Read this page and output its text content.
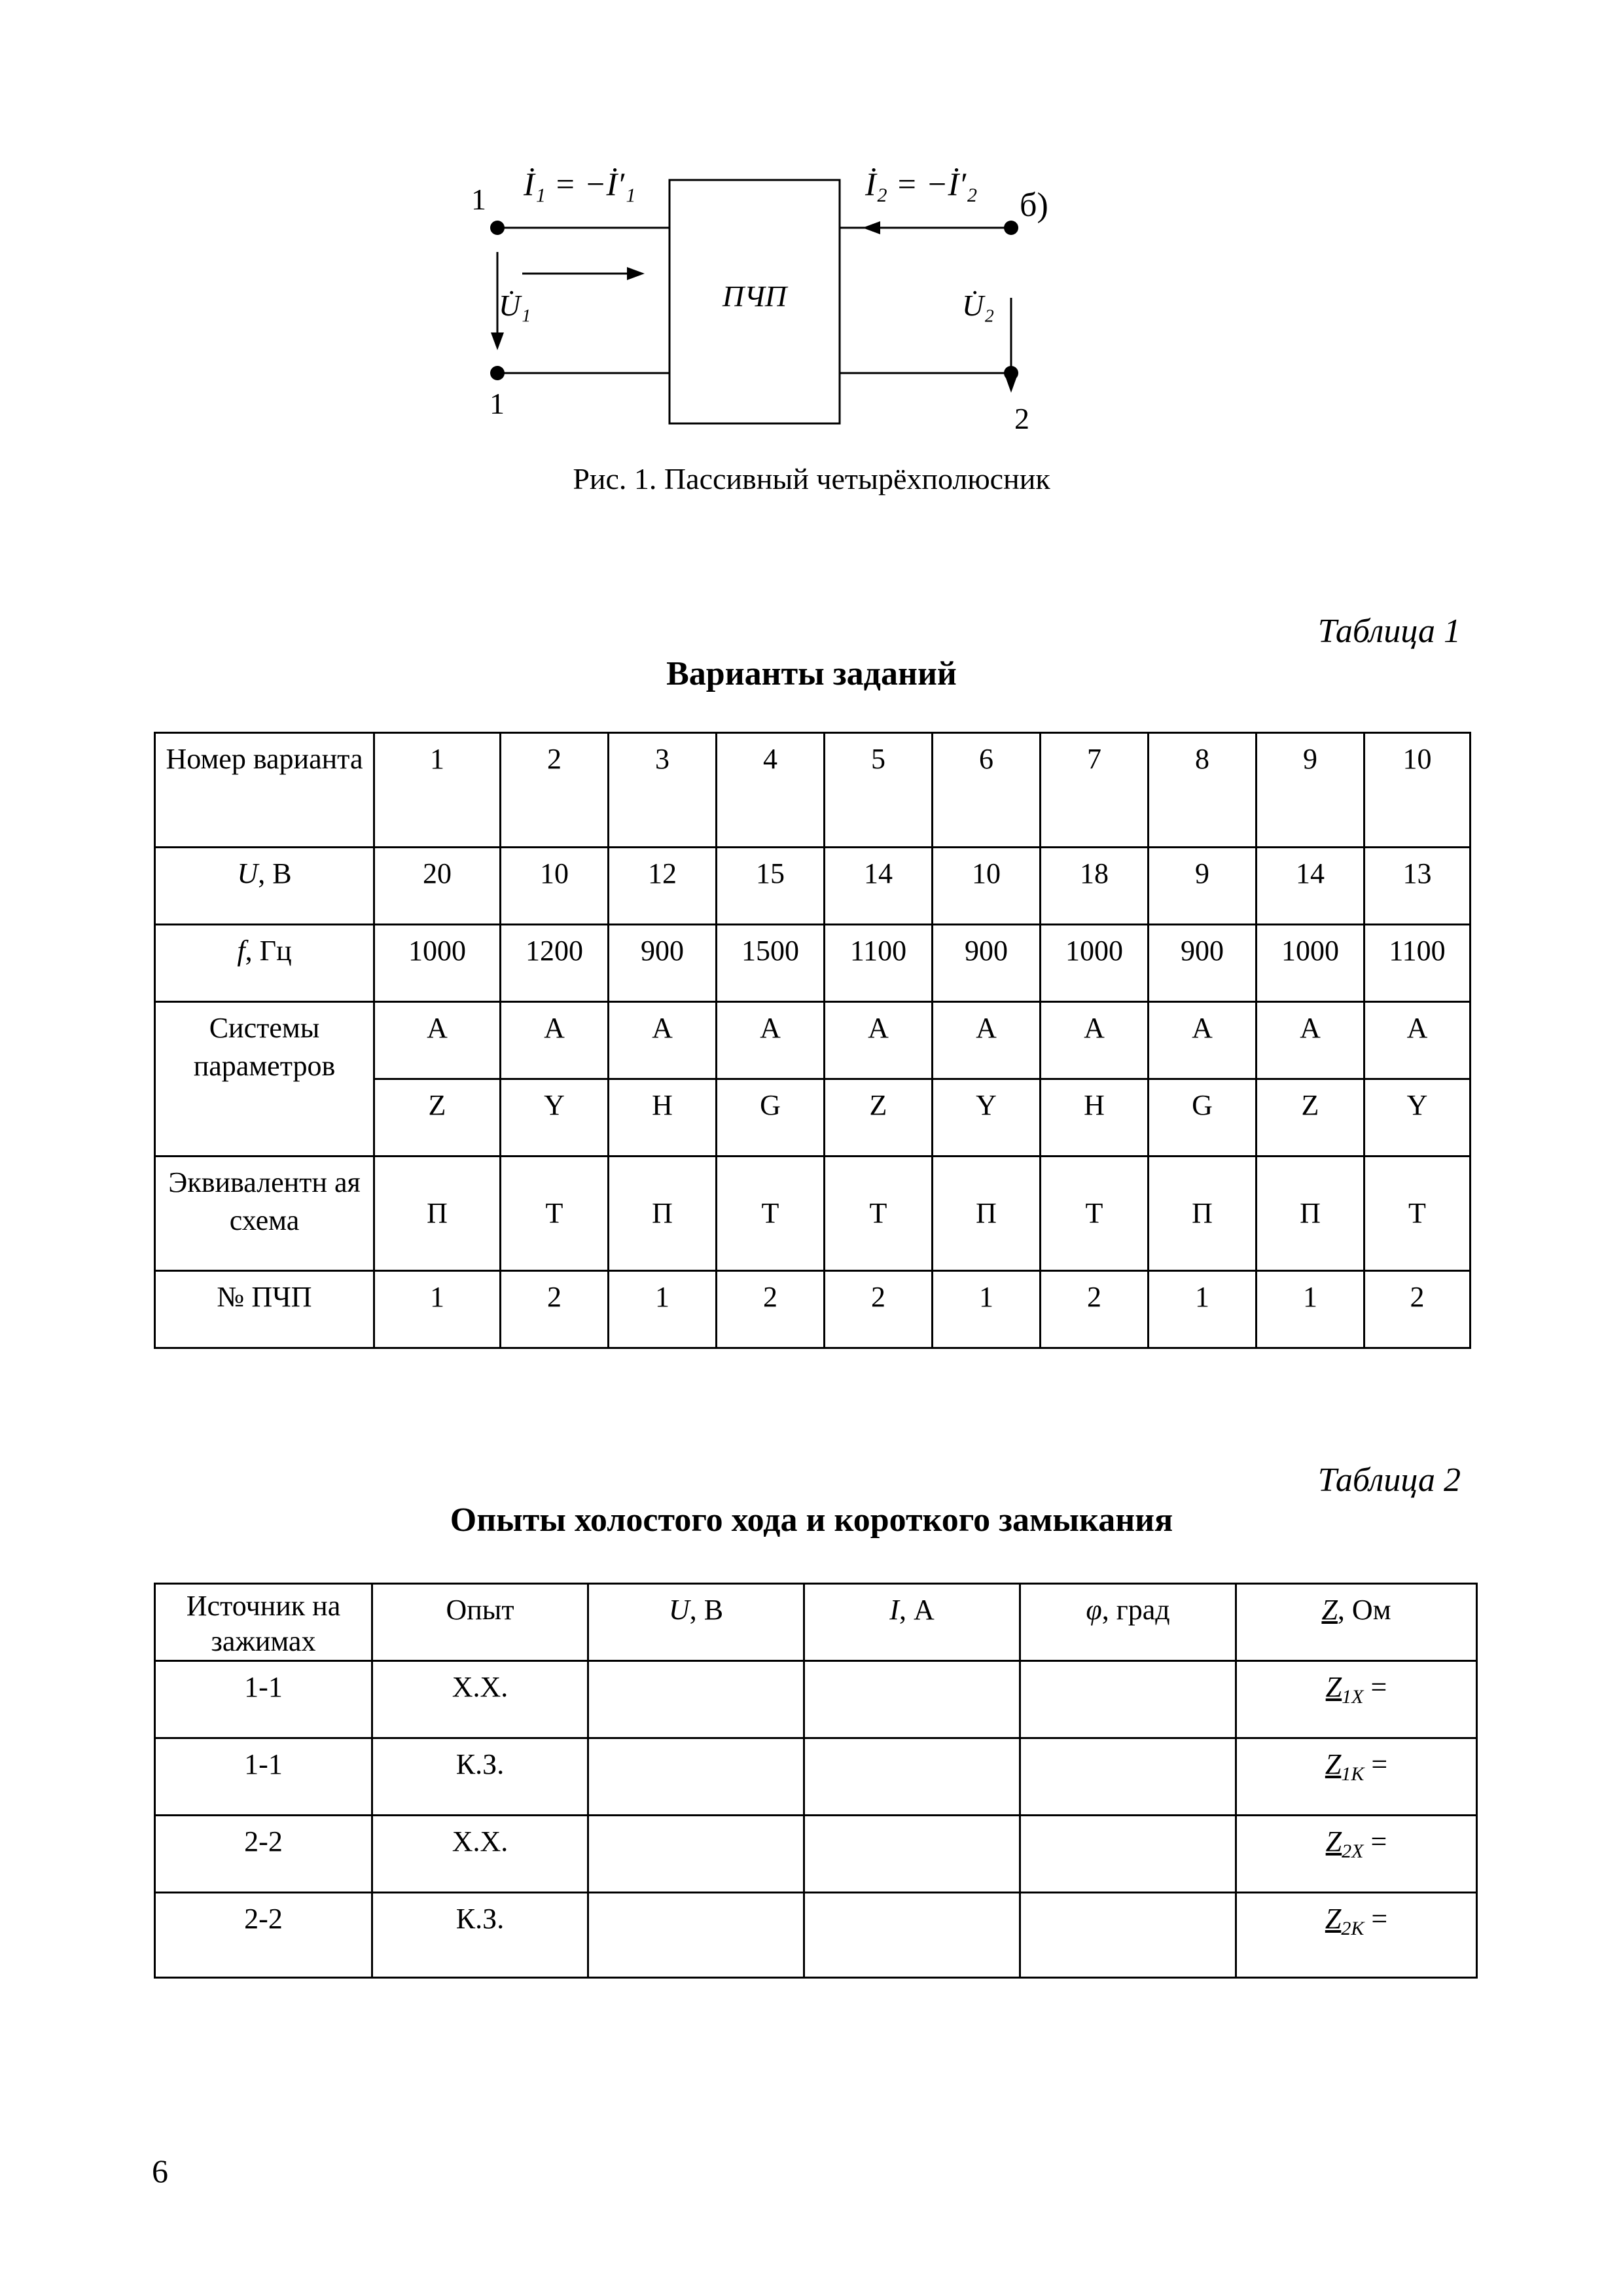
ПЧП
1
1	2
б)
İ₁ = −İ′₁	İ₂ = −İ′₂
U̇₁	U̇₂
Рис. 1. Пассивный четырёхполюсник
Таблица 1
Варианты заданий
Номер варианта	1	2	3	4	5	6	7	8	9	10
U, В	20	10	12	15	14	10	18	9	14	13
f, Гц	1000	1200	900	1500	1100	900	1000	900	1000	1100
Системы параметров	A	A	A	A	A	A	A	A	A	A
	Z	Y	H	G	Z	Y	H	G	Z	Y
Эквивалентн ая схема	П	Т	П	Т	Т	П	Т	П	П	Т
№ ПЧП	1	2	1	2	2	1	2	1	1	2
Таблица 2
Опыты холостого хода и короткого замыкания
Источник на зажимах	Опыт	U, В	I, А	φ, град	Z, Ом
1-1	Х.Х.				$Z_{1X}$ =
1-1	К.З.				$Z_{1K}$ =
2-2	Х.Х.				$Z_{2X}$ =
2-2	К.З.				$Z_{2K}$ =
6
